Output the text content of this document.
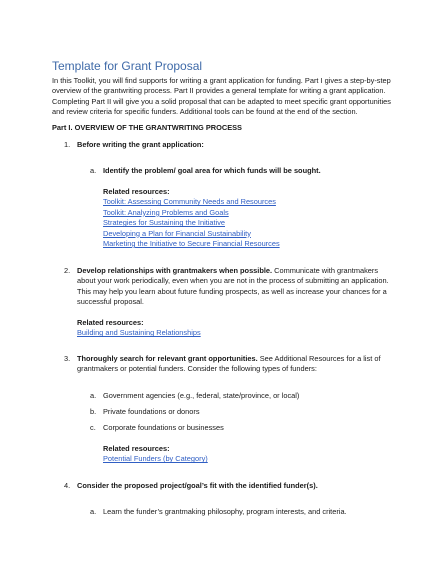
Template for Grant Proposal
In this Toolkit, you will find supports for writing a grant application for funding. Part I gives a step-by-step overview of the grantwriting process. Part II provides a general template for writing a grant application. Completing Part II will give you a solid proposal that can be adapted to meet specific grant opportunities and review criteria for specific funders. Additional tools can be found at the end of the section.
Part I. OVERVIEW OF THE GRANTWRITING PROCESS
1. Before writing the grant application:
a. Identify the problem/ goal area for which funds will be sought.
Related resources:
Toolkit: Assessing Community Needs and Resources
Toolkit: Analyzing Problems and Goals
Strategies for Sustaining the Initiative
Developing a Plan for Financial Sustainability
Marketing the Initiative to Secure Financial Resources
2. Develop relationships with grantmakers when possible. Communicate with grantmakers about your work periodically, even when you are not in the process of submitting an application. This may help you learn about future funding prospects, as well as increase your chances for a successful proposal.
Related resources:
Building and Sustaining Relationships
3. Thoroughly search for relevant grant opportunities. See Additional Resources for a list of grantmakers or potential funders. Consider the following types of funders:
a. Government agencies (e.g., federal, state/province, or local)
b. Private foundations or donors
c. Corporate foundations or businesses
Related resources:
Potential Funders (by Category)
4. Consider the proposed project/goal’s fit with the identified funder(s).
a. Learn the funder’s grantmaking philosophy, program interests, and criteria.
